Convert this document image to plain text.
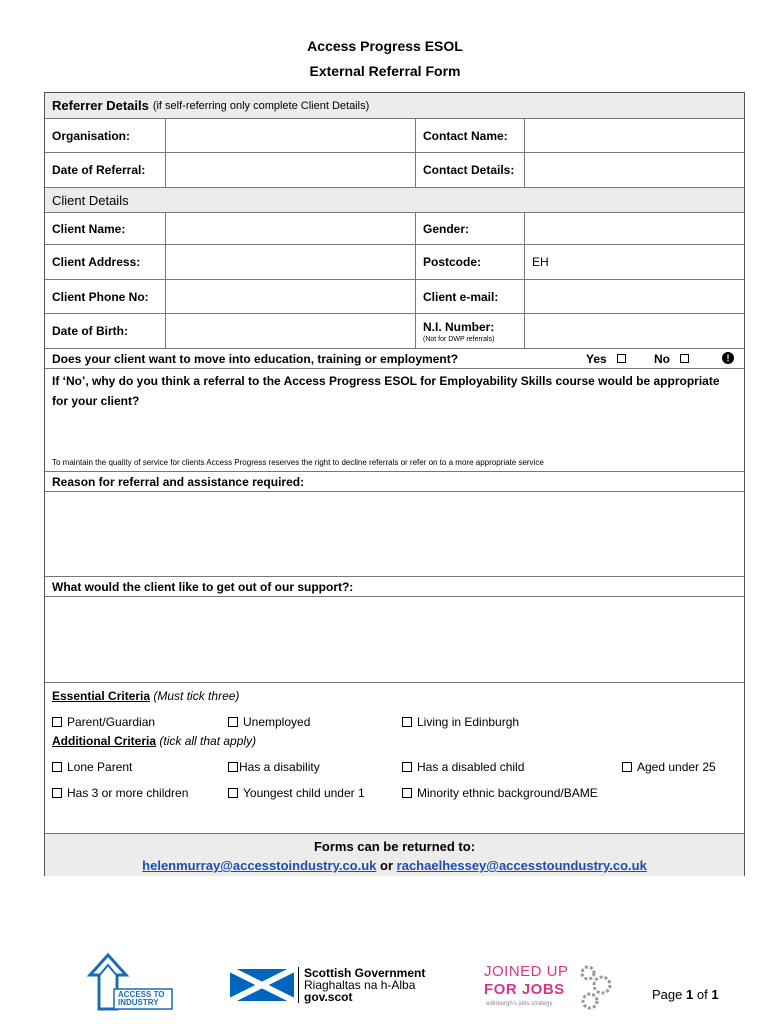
Access Progress ESOL
External Referral Form
Referrer Details (if self-referring only complete Client Details)
Organisation:	Contact Name:
Date of Referral:	Contact Details:
Client Details
Client Name:	Gender:
Client Address:	Postcode:	EH
Client Phone No:	Client e-mail:
Date of Birth:	N.I. Number:
(Not for DWP referrals)
Does your client want to move into education, training or employment?	Yes	No	!
If ‘No’, why do you think a referral to the Access Progress ESOL for Employability Skills course would be appropriate
for your client?
To maintain the quality of service for clients Access Progress reserves the right to decline referrals or refer on to a more appropriate service
Reason for referral and assistance required:
What would the client like to get out of our support?:
Essential Criteria (Must tick three)
Parent/Guardian	Unemployed	Living in Edinburgh
Additional Criteria (tick all that apply)
Lone Parent	Has a disability	Has a disabled child	Aged under 25
Has 3 or more children	Youngest child under 1	Minority ethnic background/BAME
Forms can be returned to:
helenmurray@accesstoindustry.co.uk or rachaelhessey@accesstoundustry.co.uk
ACCESS TO
INDUSTRY
Scottish Government
Riaghaltas na h-Alba
gov.scot
JOINED UP
FOR JOBS
edinburgh's jobs strategy
Page 1 of 1
